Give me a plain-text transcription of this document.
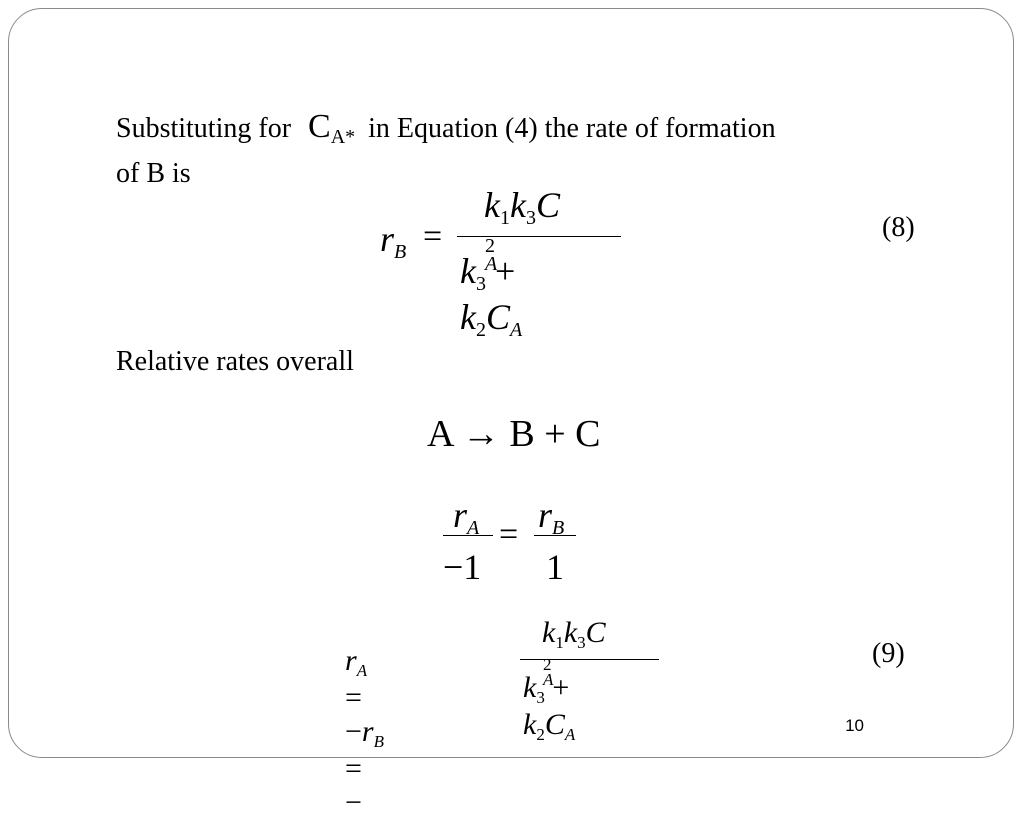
Substituting for $C_{A*}$ in Equation (4) the rate of formation
of B is
$r_B$ =
k1k3C
2
A
$k3 + k2C_A$
(8)
Relative rates overall
A → B + C
$r_A$
−1
= $r_B$
1
$r_A = -r_B$ = −
k1k3C
2
A
$k3 + k2C_A$
(9)
10
